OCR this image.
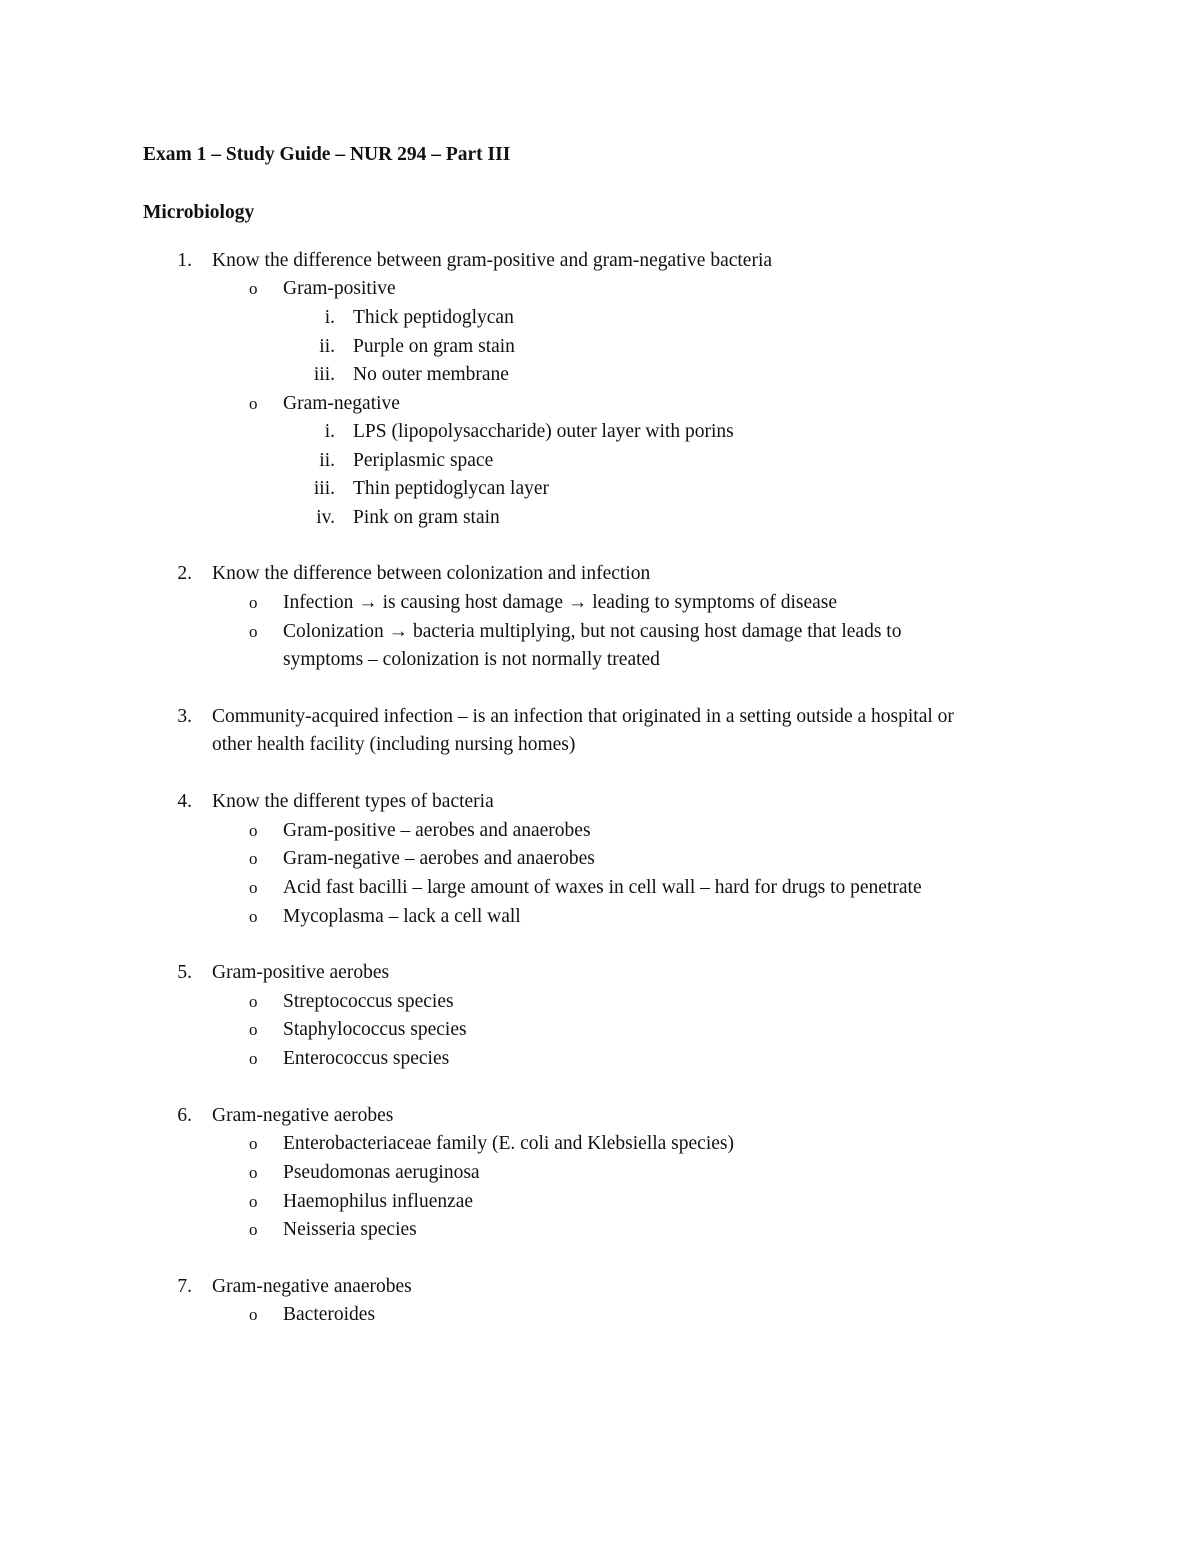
Exam 1 – Study Guide – NUR 294 – Part III
Microbiology
1. Know the difference between gram-positive and gram-negative bacteria
o Gram-positive
i. Thick peptidoglycan
ii. Purple on gram stain
iii. No outer membrane
o Gram-negative
i. LPS (lipopolysaccharide) outer layer with porins
ii. Periplasmic space
iii. Thin peptidoglycan layer
iv. Pink on gram stain
2. Know the difference between colonization and infection
o Infection → is causing host damage → leading to symptoms of disease
o Colonization → bacteria multiplying, but not causing host damage that leads to
symptoms – colonization is not normally treated
3. Community-acquired infection – is an infection that originated in a setting outside a hospital or
other health facility (including nursing homes)
4. Know the different types of bacteria
o Gram-positive – aerobes and anaerobes
o Gram-negative – aerobes and anaerobes
o Acid fast bacilli – large amount of waxes in cell wall – hard for drugs to penetrate
o Mycoplasma – lack a cell wall
5. Gram-positive aerobes
o Streptococcus species
o Staphylococcus species
o Enterococcus species
6. Gram-negative aerobes
o Enterobacteriaceae family (E. coli and Klebsiella species)
o Pseudomonas aeruginosa
o Haemophilus influenzae
o Neisseria species
7. Gram-negative anaerobes
o Bacteroides
